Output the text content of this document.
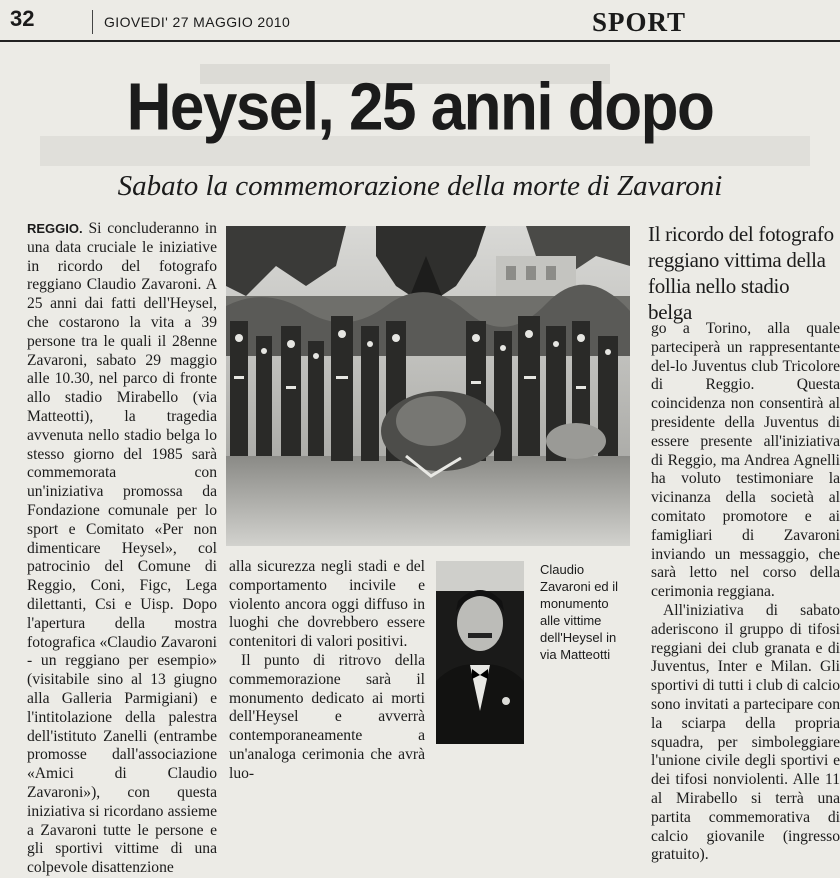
32	GIOVEDI' 27 MAGGIO 2010	SPORT
Heysel, 25 anni dopo
Sabato la commemorazione della morte di Zavaroni
REGGIO. Si concluderanno in una data cruciale le iniziative in ricordo del fotografo reggiano Claudio Zavaroni. A 25 anni dai fatti dell'Heysel, che costarono la vita a 39 persone tra le quali il 28enne Zavaroni, sabato 29 maggio alle 10.30, nel parco di fronte allo stadio Mirabello (via Matteotti), la tragedia avvenuta nello stadio belga lo stesso giorno del 1985 sarà commemorata con un'iniziativa promossa da Fondazione comunale per lo sport e Comitato «Per non dimenticare Heysel», col patrocinio del Comune di Reggio, Coni, Figc, Lega dilettanti, Csi e Uisp. Dopo l'apertura della mostra fotografica «Claudio Zavaroni - un reggiano per esempio» (visitabile sino al 13 giugno alla Galleria Parmigiani) e l'intitolazione della palestra dell'istituto Zanelli (entrambe promosse dall'associazione «Amici di Claudio Zavaroni»), con questa iniziativa si ricordano assieme a Zavaroni tutte le persone e gli sportivi vittime di una colpevole disattenzione
alla sicurezza negli stadi e del comportamento incivile e violento ancora oggi diffuso in luoghi che dovrebbero essere contenitori di valori positivi.
Il punto di ritrovo della commemorazione sarà il monumento dedicato ai morti dell'Heysel e avverrà contemporaneamente a un'analoga cerimonia che avrà luo-
Claudio Zavaroni ed il monumento alle vittime dell'Heysel in via Matteotti
Il ricordo del fotografo reggiano vittima della follia nello stadio belga
go a Torino, alla quale parteciperà un rappresentante del-lo Juventus club Tricolore di Reggio. Questa coincidenza non consentirà al presidente della Juventus di essere presente all'iniziativa di Reggio, ma Andrea Agnelli ha voluto testimoniare la vicinanza della società al comitato promotore e ai famigliari di Zavaroni inviando un messaggio, che sarà letto nel corso della cerimonia reggiana.
All'iniziativa di sabato aderiscono il gruppo di tifosi reggiani dei club granata e di Juventus, Inter e Milan. Gli sportivi di tutti i club di calcio sono invitati a partecipare con la sciarpa della propria squadra, per simboleggiare l'unione civile degli sportivi e dei tifosi nonviolenti. Alle 11 al Mirabello si terrà una partita commemorativa di calcio giovanile (ingresso gratuito).
